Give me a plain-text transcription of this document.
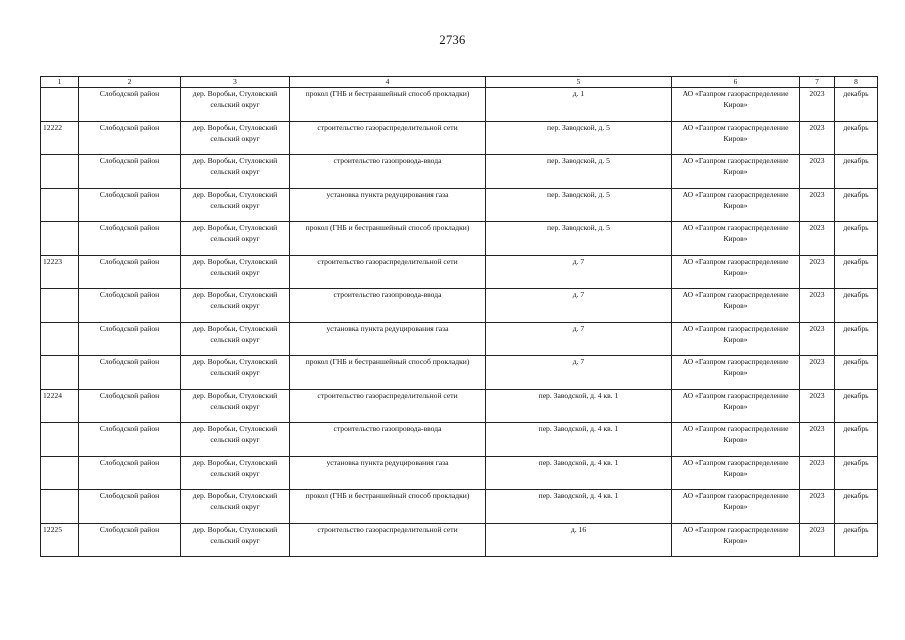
2736
1	2	3	4	5	6	7	8
	Слободской район	дер. Воробьи, Стуловский сельский округ	прокол (ГНБ и бестраншейный способ прокладки)	д. 1	АО «Газпром газораспределение Киров»	2023	декабрь
12222	Слободской район	дер. Воробьи, Стуловский сельский округ	строительство газораспределительной сети	пер. Заводской, д. 5	АО «Газпром газораспределение Киров»	2023	декабрь
	Слободской район	дер. Воробьи, Стуловский сельский округ	строительство газопровода-ввода	пер. Заводской, д. 5	АО «Газпром газораспределение Киров»	2023	декабрь
	Слободской район	дер. Воробьи, Стуловский сельский округ	установка пункта редуцирования газа	пер. Заводской, д. 5	АО «Газпром газораспределение Киров»	2023	декабрь
	Слободской район	дер. Воробьи, Стуловский сельский округ	прокол (ГНБ и бестраншейный способ прокладки)	пер. Заводской, д. 5	АО «Газпром газораспределение Киров»	2023	декабрь
12223	Слободской район	дер. Воробьи, Стуловский сельский округ	строительство газораспределительной сети	д. 7	АО «Газпром газораспределение Киров»	2023	декабрь
	Слободской район	дер. Воробьи, Стуловский сельский округ	строительство газопровода-ввода	д. 7	АО «Газпром газораспределение Киров»	2023	декабрь
	Слободской район	дер. Воробьи, Стуловский сельский округ	установка пункта редуцирования газа	д. 7	АО «Газпром газораспределение Киров»	2023	декабрь
	Слободской район	дер. Воробьи, Стуловский сельский округ	прокол (ГНБ и бестраншейный способ прокладки)	д. 7	АО «Газпром газораспределение Киров»	2023	декабрь
12224	Слободской район	дер. Воробьи, Стуловский сельский округ	строительство газораспределительной сети	пер. Заводской, д. 4 кв. 1	АО «Газпром газораспределение Киров»	2023	декабрь
	Слободской район	дер. Воробьи, Стуловский сельский округ	строительство газопровода-ввода	пер. Заводской, д. 4 кв. 1	АО «Газпром газораспределение Киров»	2023	декабрь
	Слободской район	дер. Воробьи, Стуловский сельский округ	установка пункта редуцирования газа	пер. Заводской, д. 4 кв. 1	АО «Газпром газораспределение Киров»	2023	декабрь
	Слободской район	дер. Воробьи, Стуловский сельский округ	прокол (ГНБ и бестраншейный способ прокладки)	пер. Заводской, д. 4 кв. 1	АО «Газпром газораспределение Киров»	2023	декабрь
12225	Слободской район	дер. Воробьи, Стуловский сельский округ	строительство газораспределительной сети	д. 16	АО «Газпром газораспределение Киров»	2023	декабрь
